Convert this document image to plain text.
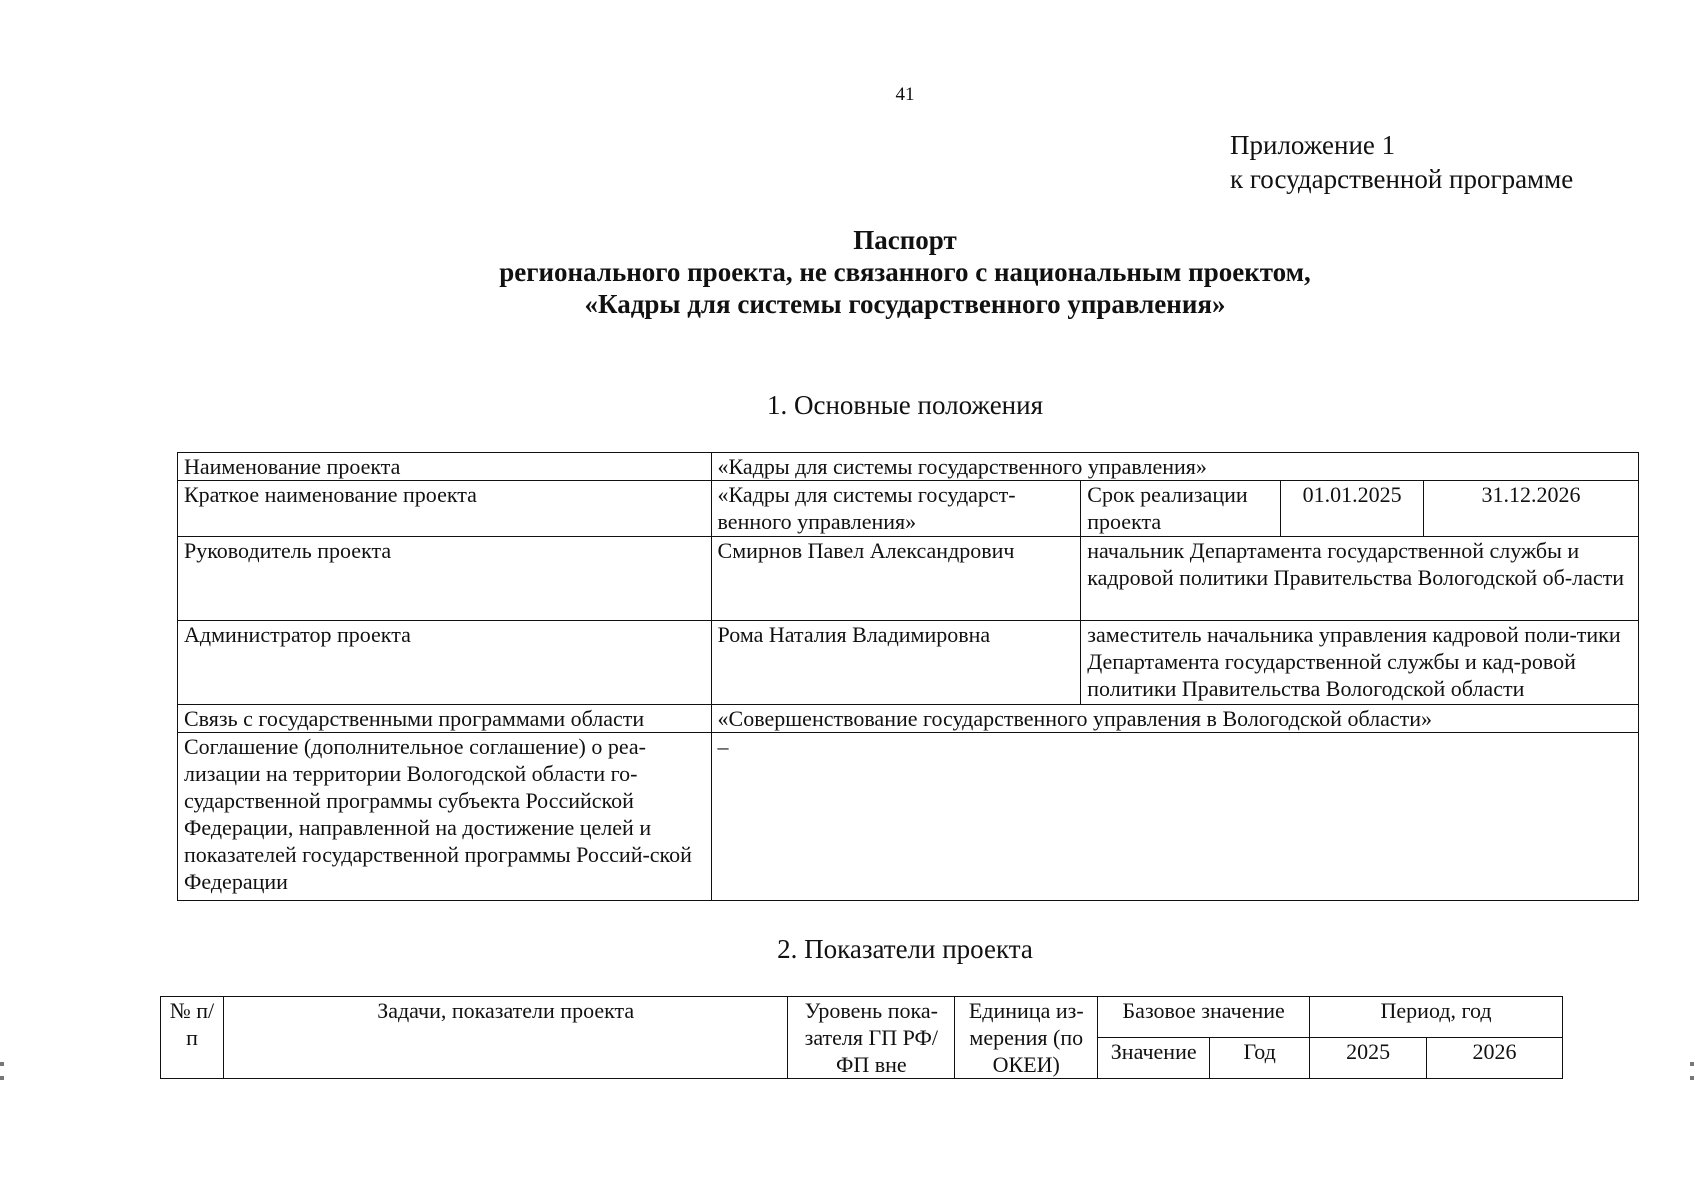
41
Приложение 1
к государственной программе
Паспорт
регионального проекта, не связанного с национальным проектом,
«Кадры для системы государственного управления»
1. Основные положения
Наименование проекта	«Кадры для системы государственного управления»			
Краткое наименование проекта	«Кадры для системы государст-венного управления»	Срок реализации проекта	01.01.2025	31.12.2026
Руководитель проекта	Смирнов Павел Александрович	начальник Департамента государственной службы и кадровой политики Правительства Вологодской об-ласти		
Администратор проекта	Рома Наталия Владимировна	заместитель начальника управления кадровой поли-тики Департамента государственной службы и кад-ровой политики Правительства Вологодской области		
Связь с государственными программами области	«Совершенствование государственного управления в Вологодской области»			
Соглашение (дополнительное соглашение) о реа-лизации на территории Вологодской области го-сударственной программы субъекта Российской Федерации, направленной на достижение целей и показателей государственной программы Россий-ской Федерации	–			
2. Показатели проекта
№ п/п	Задачи, показатели проекта	Уровень пока-зателя ГП РФ/ФП вне	Единица из-мерения (по ОКЕИ)	Базовое значение		Период, год	
				Значение	Год	2025	2026
